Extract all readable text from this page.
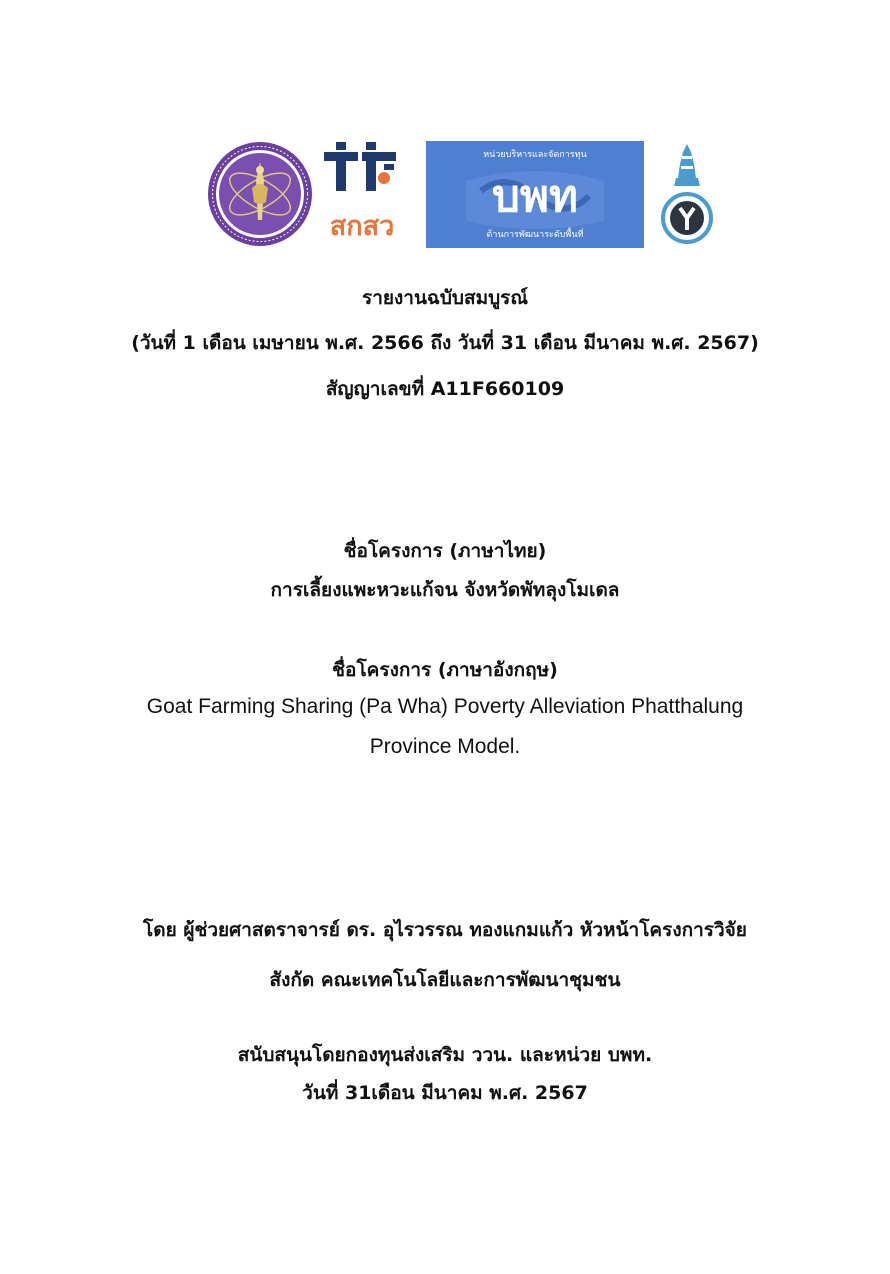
สกสว
หน่วยบริหารและจัดการทุน
บพท
ด้านการพัฒนาระดับพื้นที่
รายงานฉบับสมบูรณ์
(วันที่ 1 เดือน เมษายน พ.ศ. 2566 ถึง วันที่ 31 เดือน มีนาคม พ.ศ. 2567)
สัญญาเลขที่ A11F660109
ชื่อโครงการ (ภาษาไทย)
การเลี้ยงแพะหวะแก้จน จังหวัดพัทลุงโมเดล
ชื่อโครงการ (ภาษาอังกฤษ)
Goat Farming Sharing (Pa Wha) Poverty Alleviation Phatthalung
Province Model.
โดย ผู้ช่วยศาสตราจารย์ ดร. อุไรวรรณ ทองแกมแก้ว หัวหน้าโครงการวิจัย
สังกัด คณะเทคโนโลยีและการพัฒนาชุมชน
สนับสนุนโดยกองทุนส่งเสริม ววน. และหน่วย บพท.
วันที่ 31เดือน มีนาคม พ.ศ. 2567
